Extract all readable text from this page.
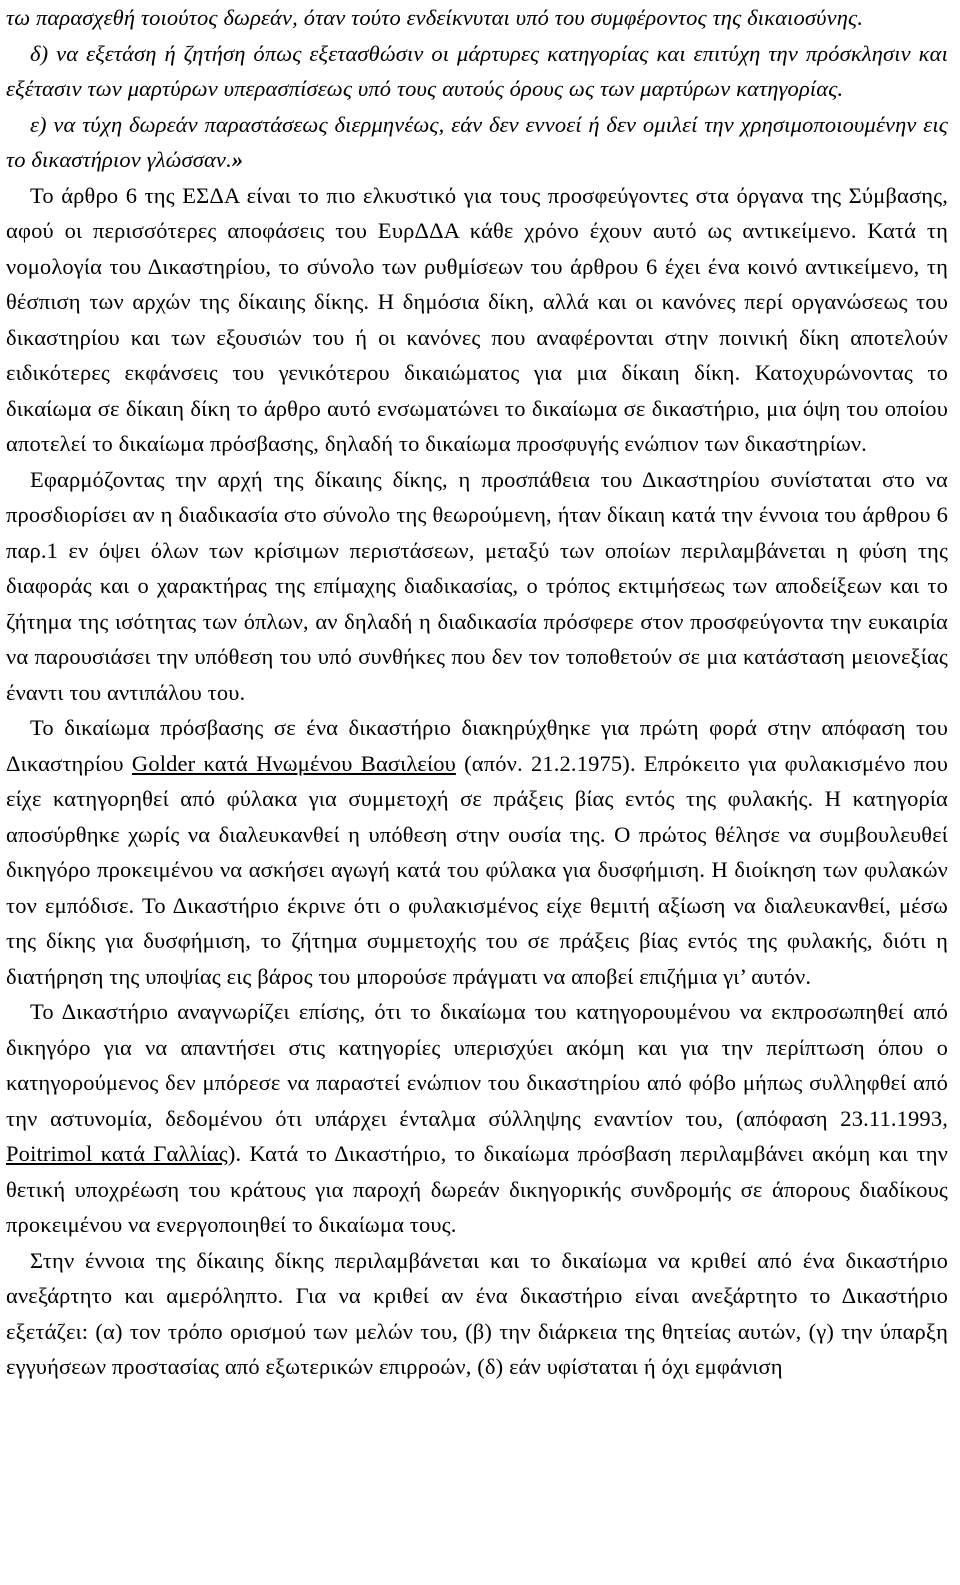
τω παρασχεθή τοιούτος δωρεάν, όταν τούτο ενδείκνυται υπό του συμφέροντος της δικαιοσύνης.

δ) να εξετάση ή ζητήση όπως εξετασθώσιν οι μάρτυρες κατηγορίας και επιτύχη την πρόσκλησιν και εξέτασιν των μαρτύρων υπερασπίσεως υπό τους αυτούς όρους ως των μαρτύρων κατηγορίας.

ε) να τύχη δωρεάν παραστάσεως διερμηνέως, εάν δεν εννοεί ή δεν ομιλεί την χρησιμοποιουμένην εις το δικαστήριον γλώσσαν.»

Το άρθρο 6 της ΕΣΔΑ είναι το πιο ελκυστικό για τους προσφεύγοντες στα όργανα της Σύμβασης, αφού οι περισσότερες αποφάσεις του ΕυρΔΔΑ κάθε χρόνο έχουν αυτό ως αντικείμενο. Κατά τη νομολογία του Δικαστηρίου, το σύνολο των ρυθμίσεων του άρθρου 6 έχει ένα κοινό αντικείμενο, τη θέσπιση των αρχών της δίκαιης δίκης. Η δημόσια δίκη, αλλά και οι κανόνες περί οργανώσεως του δικαστηρίου και των εξουσιών του ή οι κανόνες που αναφέρονται στην ποινική δίκη αποτελούν ειδικότερες εκφάνσεις του γενικότερου δικαιώματος για μια δίκαιη δίκη. Κατοχυρώνοντας το δικαίωμα σε δίκαιη δίκη το άρθρο αυτό ενσωματώνει το δικαίωμα σε δικαστήριο, μια όψη του οποίου αποτελεί το δικαίωμα πρόσβασης, δηλαδή το δικαίωμα προσφυγής ενώπιον των δικαστηρίων.

Εφαρμόζοντας την αρχή της δίκαιης δίκης, η προσπάθεια του Δικαστηρίου συνίσταται στο να προσδιορίσει αν η διαδικασία στο σύνολο της θεωρούμενη, ήταν δίκαιη κατά την έννοια του άρθρου 6 παρ.1 εν όψει όλων των κρίσιμων περιστάσεων, μεταξύ των οποίων περιλαμβάνεται η φύση της διαφοράς και ο χαρακτήρας της επίμαχης διαδικασίας, ο τρόπος εκτιμήσεως των αποδείξεων και το ζήτημα της ισότητας των όπλων, αν δηλαδή η διαδικασία πρόσφερε στον προσφεύγοντα την ευκαιρία να παρουσιάσει την υπόθεση του υπό συνθήκες που δεν τον τοποθετούν σε μια κατάσταση μειονεξίας έναντι του αντιπάλου του.

Το δικαίωμα πρόσβασης σε ένα δικαστήριο διακηρύχθηκε για πρώτη φορά στην απόφαση του Δικαστηρίου Golder κατά Ηνωμένου Βασιλείου (απόν. 21.2.1975). Επρόκειτο για φυλακισμένο που είχε κατηγορηθεί από φύλακα για συμμετοχή σε πράξεις βίας εντός της φυλακής. Η κατηγορία αποσύρθηκε χωρίς να διαλευκανθεί η υπόθεση στην ουσία της. Ο πρώτος θέλησε να συμβουλευθεί δικηγόρο προκειμένου να ασκήσει αγωγή κατά του φύλακα για δυσφήμιση. Η διοίκηση των φυλακών τον εμπόδισε. Το Δικαστήριο έκρινε ότι ο φυλακισμένος είχε θεμιτή αξίωση να διαλευκανθεί, μέσω της δίκης για δυσφήμιση, το ζήτημα συμμετοχής του σε πράξεις βίας εντός της φυλακής, διότι η διατήρηση της υποψίας εις βάρος του μπορούσε πράγματι να αποβεί επιζήμια γι’ αυτόν.

Το Δικαστήριο αναγνωρίζει επίσης, ότι το δικαίωμα του κατηγορουμένου να εκπροσωπηθεί από δικηγόρο για να απαντήσει στις κατηγορίες υπερισχύει ακόμη και για την περίπτωση όπου ο κατηγορούμενος δεν μπόρεσε να παραστεί ενώπιον του δικαστηρίου από φόβο μήπως συλληφθεί από την αστυνομία, δεδομένου ότι υπάρχει ένταλμα σύλληψης εναντίον του, (απόφαση 23.11.1993, Poitrimol κατά Γαλλίας). Κατά το Δικαστήριο, το δικαίωμα πρόσβαση περιλαμβάνει ακόμη και την θετική υποχρέωση του κράτους για παροχή δωρεάν δικηγορικής συνδρομής σε άπορους διαδίκους προκειμένου να ενεργοποιηθεί το δικαίωμα τους.

Στην έννοια της δίκαιης δίκης περιλαμβάνεται και το δικαίωμα να κριθεί από ένα δικαστήριο ανεξάρτητο και αμερόληπτο. Για να κριθεί αν ένα δικαστήριο είναι ανεξάρτητο το Δικαστήριο εξετάζει: (α) τον τρόπο ορισμού των μελών του, (β) την διάρκεια της θητείας αυτών, (γ) την ύπαρξη εγγυήσεων προστασίας από εξωτερικών επιρροών, (δ) εάν υφίσταται ή όχι εμφάνιση
